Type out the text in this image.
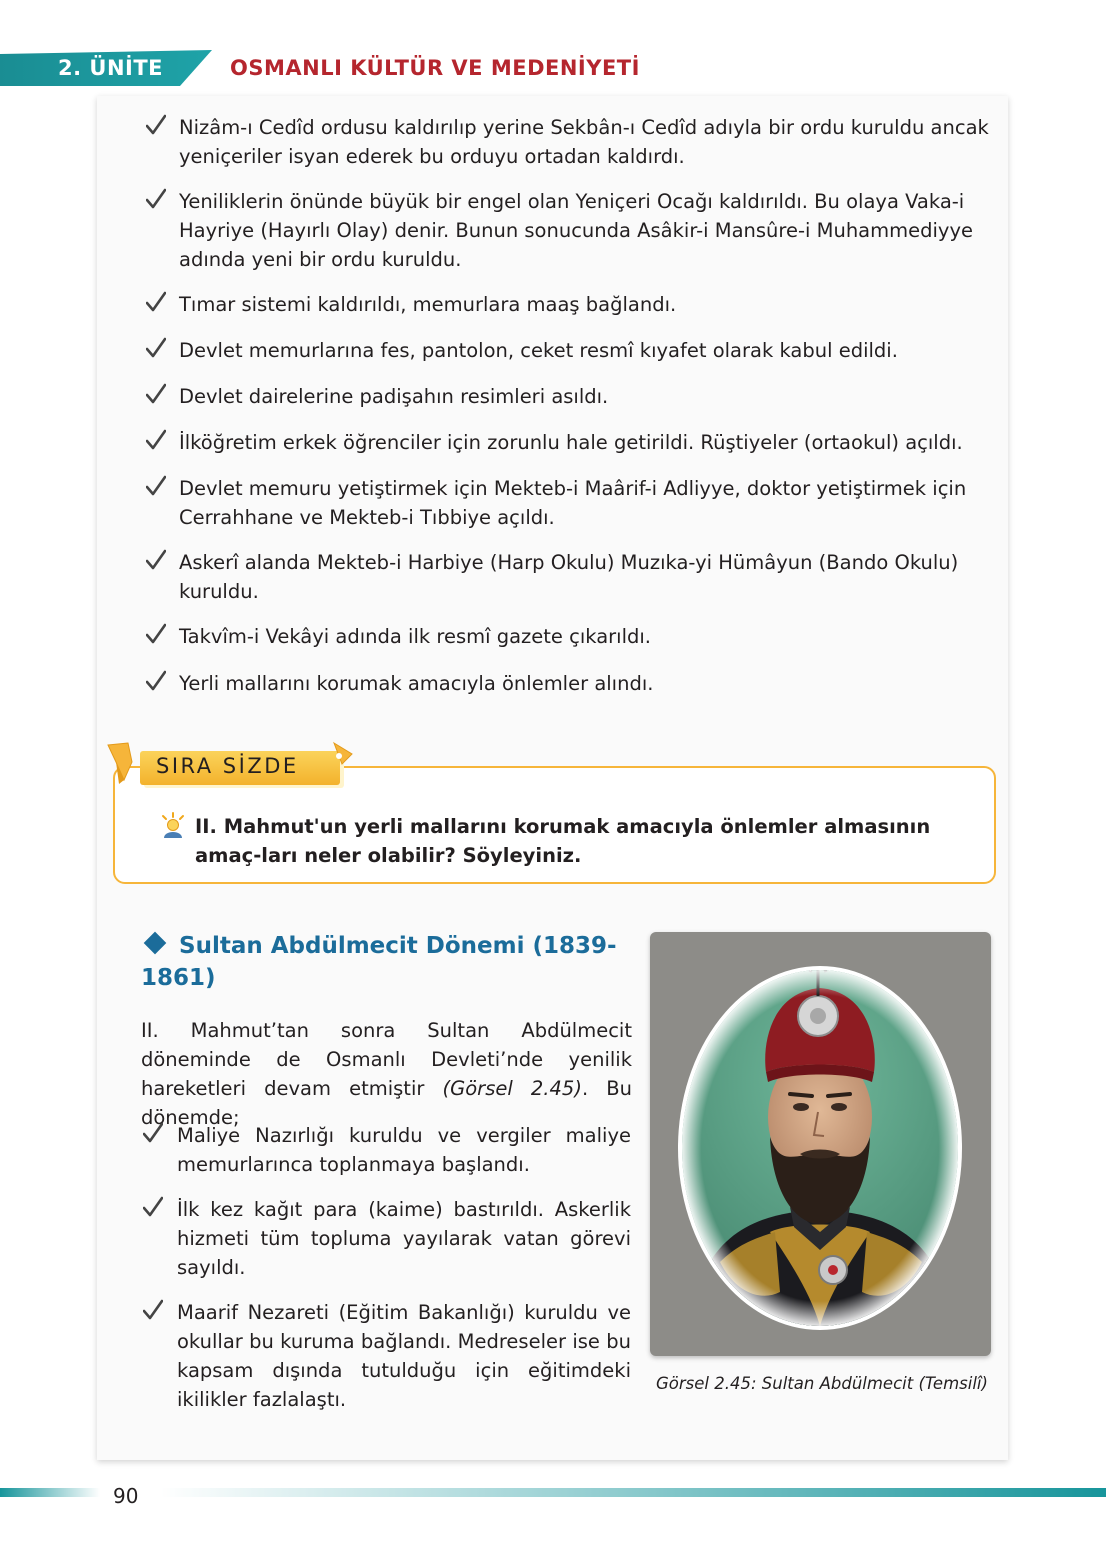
2. ÜNİTE	OSMANLI KÜLTÜR VE MEDENİYETİ
Nizâm-ı Cedîd ordusu kaldırılıp yerine Sekbân-ı Cedîd adıyla bir ordu kuruldu ancak yeniçeriler isyan ederek bu orduyu ortadan kaldırdı.
Yeniliklerin önünde büyük bir engel olan Yeniçeri Ocağı kaldırıldı. Bu olaya Vaka-i Hayriye (Hayırlı Olay) denir. Bunun sonucunda Asâkir-i Mansûre-i Muhammediyye adında yeni bir ordu kuruldu.
Tımar sistemi kaldırıldı, memurlara maaş bağlandı.
Devlet memurlarına fes, pantolon, ceket resmî kıyafet olarak kabul edildi.
Devlet dairelerine padişahın resimleri asıldı.
İlköğretim erkek öğrenciler için zorunlu hale getirildi. Rüştiyeler (ortaokul) açıldı.
Devlet memuru yetiştirmek için Mekteb-i Maârif-i Adliyye, doktor yetiştirmek için Cerrahhane ve Mekteb-i Tıbbiye açıldı.
Askerî alanda Mekteb-i Harbiye (Harp Okulu) Muzıka-yi Hümâyun (Bando Okulu) kuruldu.
Takvîm-i Vekâyi adında ilk resmî gazete çıkarıldı.
Yerli mallarını korumak amacıyla önlemler alındı.
SIRA SİZDE
II. Mahmut'un yerli mallarını korumak amacıyla önlemler almasının amaç-ları neler olabilir? Söyleyiniz.
Sultan Abdülmecit Dönemi (1839-1861)
II. Mahmut’tan sonra Sultan Abdülmecit döneminde de Osmanlı Devleti’nde yenilik hareketleri devam etmiştir (Görsel 2.45). Bu dönemde;
Maliye Nazırlığı kuruldu ve vergiler maliye memurlarınca toplanmaya başlandı.
İlk kez kağıt para (kaime) bastırıldı. Askerlik hizmeti tüm topluma yayılarak vatan görevi sayıldı.
Maarif Nezareti (Eğitim Bakanlığı) kuruldu ve okullar bu kuruma bağlandı. Medreseler ise bu kapsam dışında tutulduğu için eğitimdeki ikilikler fazlalaştı.
Görsel 2.45: Sultan Abdülmecit (Temsilî)
90
